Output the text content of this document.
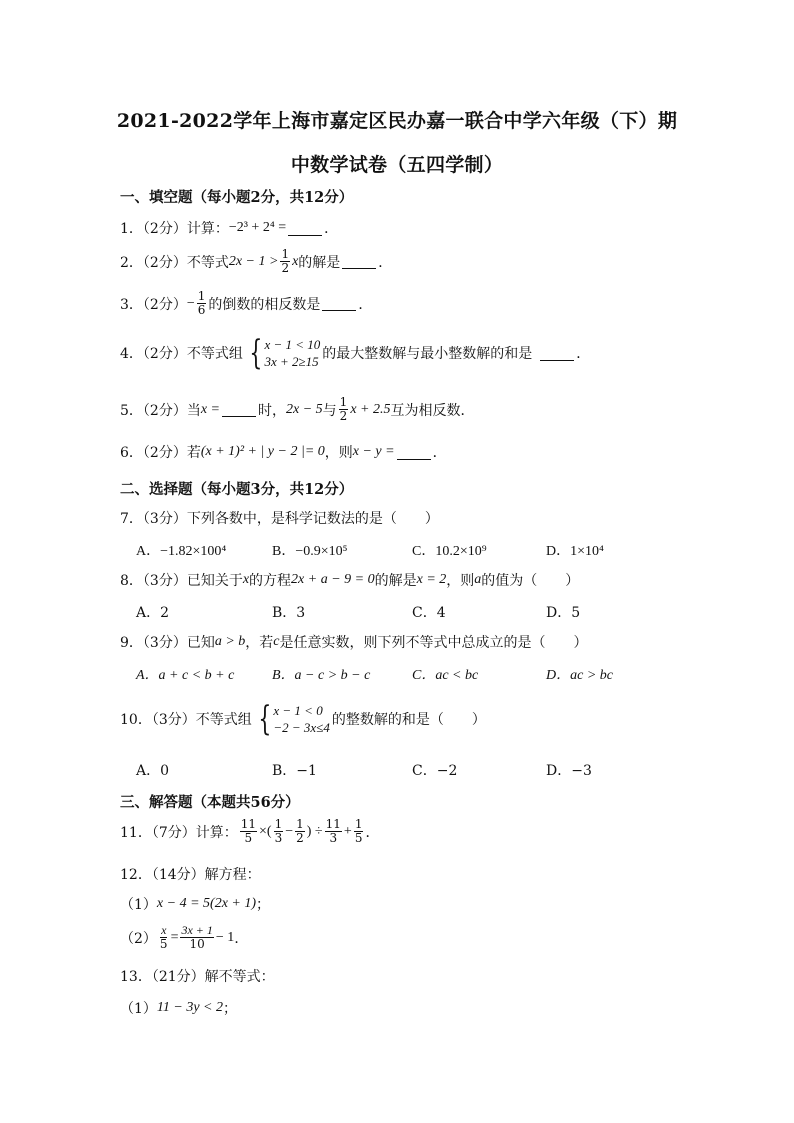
2021-2022学年上海市嘉定区民办嘉一联合中学六年级（下）期
中数学试卷（五四学制）
一、填空题（每小题2分，共12分）
1．（2分）计算： −2³ + 2⁴ =	．
2．（2分）不等式 $2x - 1 > \frac{1}{2}$ x 的解是	．
3．（2分） − $\frac{1}{6}$ 的倒数的相反数是	．
4．（2分）不等式组 { x − 1 < 10
3x + 2≥15 的最大整数解与最小整数解的和是	．
5．（2分）当 x =	时， 2x − 5 与 $\frac{1}{2}$ x + 2.5 互为相反数．
6．（2分）若 (x + 1)² + | y − 2 |= 0 ，则 x − y =	．
二、选择题（每小题3分，共12分）
7．（3分）下列各数中，是科学记数法的是（　　）
A．−1.82×100⁴	B．−0.9×10⁵	C．10.2×10⁹	D．1×10⁴
8．（3分）已知关于 x 的方程 2x + a − 9 = 0 的解是 x = 2 ，则 a 的值为（　　）
A．2	B．3	C．4	D．5
9．（3分）已知 a > b ，若 c 是任意实数，则下列不等式中总成立的是（　　）
A．a + c < b + c	B．a − c > b − c	C．ac < bc	D．ac > bc
10．（3分）不等式组 { x − 1 < 0
−2 − 3x≤4 的整数解的和是（　　）
A．0	B．−1	C．−2	D．−3
三、解答题（本题共56分）
11．（7分）计算： $\frac{11}{5}$ ×( $\frac{1}{3} - \frac{1}{2}$ ) ÷ $\frac{11}{3} + \frac{1}{5}$ ．
12．（14分）解方程：
（1） x − 4 = 5(2x + 1) ；
$(2) \frac{x}{5} = \frac{3x + 1}{10} - 1$ ．
13．（21分）解不等式：
（1） 11 − 3y < 2 ；
